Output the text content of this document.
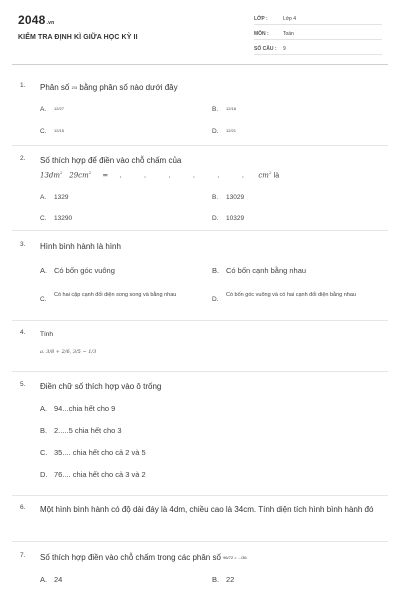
2048.vn
KIỂM TRA ĐỊNH KÌ GIỮA HỌC KỲ II
LỚP :	Lớp 4
MÔN :	Toán
SỐ CÂU : 9
1. Phân số 2/3 bằng phân số nào dưới đây
A. 12/27	B. 12/18
C. 12/15	D. 12/21
2. Số thích hợp để điền vào chỗ chấm của
$13dm^2$ $29cm^2$ = . . . . . . $cm^2$ là
A. 1329	B. 13029
C. 13290	D. 10329
3. Hình bình hành là hình
A. Có bốn góc vuông	B. Có bốn cạnh bằng nhau
C.
Có hai cặp cạnh đối diện song song và bằng nhau
D.
Có bốn góc vuông và có hai cạnh đối diện bằng nhau
4. Tính
a. 3/8 + 2/6, 3/5 − 1/3
5. Điền chữ số thích hợp vào ô trống
A. 94...chia hết cho 9
B. 2.....5 chia hết cho 3
C. 35.... chia hết cho cả 2 và 5
D. 76.... chia hết cho cả 3 và 2
6. Một hình bình hành có độ dài đáy là 4dm, chiều cao là 34cm. Tính diện tích hình bình hành đó
7. Số thích hợp điền vào chỗ chấm trong các phân số 96/72 = .../36
A. 24	B. 22
